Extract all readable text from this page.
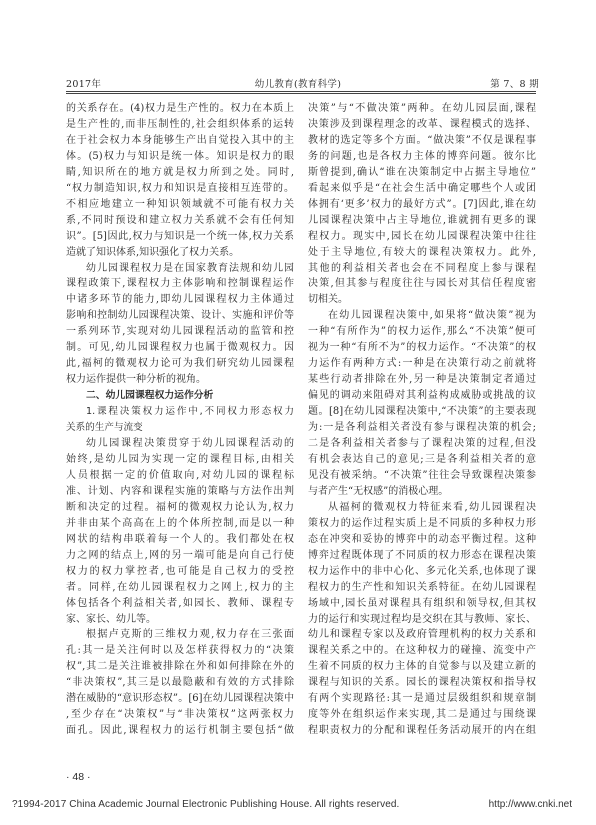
2017年	幼儿教育(教育科学)	第 7、8 期
的关系存在。(4)权力是生产性的。权力在本质上
是生产性的,而非压制性的,社会组织体系的运转
在于社会权力本身能够生产出自觉投入其中的主
体。(5)权力与知识是统一体。知识是权力的眼
睛,知识所在的地方就是权力所到之处。同时,
“权力制造知识,权力和知识是直接相互连带的。
不相应地建立一种知识领域就不可能有权力关
系,不同时预设和建立权力关系就不会有任何知
识”。[5]因此,权力与知识是一个统一体,权力关系
造就了知识体系,知识强化了权力关系。
幼儿园课程权力是在国家教育法规和幼儿园
课程政策下,课程权力主体影响和控制课程运作
中诸多环节的能力,即幼儿园课程权力主体通过
影响和控制幼儿园课程决策、设计、实施和评价等
一系列环节,实现对幼儿园课程活动的监管和控
制。可见,幼儿园课程权力也属于微观权力。因
此,福柯的微观权力论可为我们研究幼儿园课程
权力运作提供一种分析的视角。
二、幼儿园课程权力运作分析
1.课程决策权力运作中,不同权力形态权力
关系的生产与流变
幼儿园课程决策贯穿于幼儿园课程活动的
始终,是幼儿园为实现一定的课程目标,由相关
人员根据一定的价值取向,对幼儿园的课程标
准、计划、内容和课程实施的策略与方法作出判
断和决定的过程。福柯的微观权力论认为,权力
并非由某个高高在上的个体所控制,而是以一种
网状的结构串联着每一个人的。我们都处在权
力之网的结点上,网的另一端可能是向自己行使
权力的权力掌控者,也可能是自己权力的受控
者。同样,在幼儿园课程权力之网上,权力的主
体包括各个利益相关者,如园长、教师、课程专
家、家长、幼儿等。
根据卢克斯的三维权力观,权力存在三张面
孔:其一是关注何时以及怎样获得权力的“决策
权”,其二是关注谁被排除在外和如何排除在外的
“非决策权”,其三是以最隐蔽和有效的方式排除
潜在威胁的“意识形态权”。[6]在幼儿园课程决策中
,至少存在“决策权”与“非决策权”这两张权力
面孔。因此,课程权力的运行机制主要包括“做
决策”与“不做决策”两种。在幼儿园层面,课程
决策涉及到课程理念的改革、课程模式的选择、
教材的选定等多个方面。“做决策”不仅是课程事
务的问题,也是各权力主体的博弈问题。彼尔比
斯曾提到,确认“谁在决策制定中占据主导地位”
看起来似乎是“在社会生活中确定哪些个人或团
体拥有‘更多’权力的最好方式”。[7]因此,谁在幼
儿园课程决策中占主导地位,谁就拥有更多的课
程权力。现实中,园长在幼儿园课程决策中往往
处于主导地位,有较大的课程决策权力。此外,
其他的利益相关者也会在不同程度上参与课程
决策,但其参与程度往往与园长对其信任程度密
切相关。
在幼儿园课程决策中,如果将“做决策”视为
一种“有所作为”的权力运作,那么“不决策”便可
视为一种“有所不为”的权力运作。“不决策”的权
力运作有两种方式:一种是在决策行动之前就将
某些行动者排除在外,另一种是决策制定者通过
偏见的调动来阻碍对其利益构成威胁或挑战的议
题。[8]在幼儿园课程决策中,“不决策”的主要表现
为:一是各利益相关者没有参与课程决策的机会;
二是各利益相关者参与了课程决策的过程,但没
有机会表达自己的意见;三是各利益相关者的意
见没有被采纳。“不决策”往往会导致课程决策参
与者产生“无权感”的消极心理。
从福柯的微观权力特征来看,幼儿园课程决
策权力的运作过程实质上是不同质的多种权力形
态在冲突和妥协的博弈中的动态平衡过程。这种
博弈过程既体现了不同质的权力形态在课程决策
权力运作中的非中心化、多元化关系,也体现了课
程权力的生产性和知识关系特征。在幼儿园课程
场域中,园长虽对课程具有组织和领导权,但其权
力的运行和实现过程均是交织在其与教师、家长、
幼儿和课程专家以及政府管理机构的权力关系和
课程关系之中的。在这种权力的碰撞、流变中产
生着不同质的权力主体的自觉参与以及建立新的
课程与知识的关系。园长的课程决策权和指导权
有两个实现路径:其一是通过层级组织和规章制
度等外在组织运作来实现,其二是通过与围绕课
程职责权力的分配和课程任务活动展开的内在组
· 48 ·
?1994-2017 China Academic Journal Electronic Publishing House. All rights reserved.	http://www.cnki.net
